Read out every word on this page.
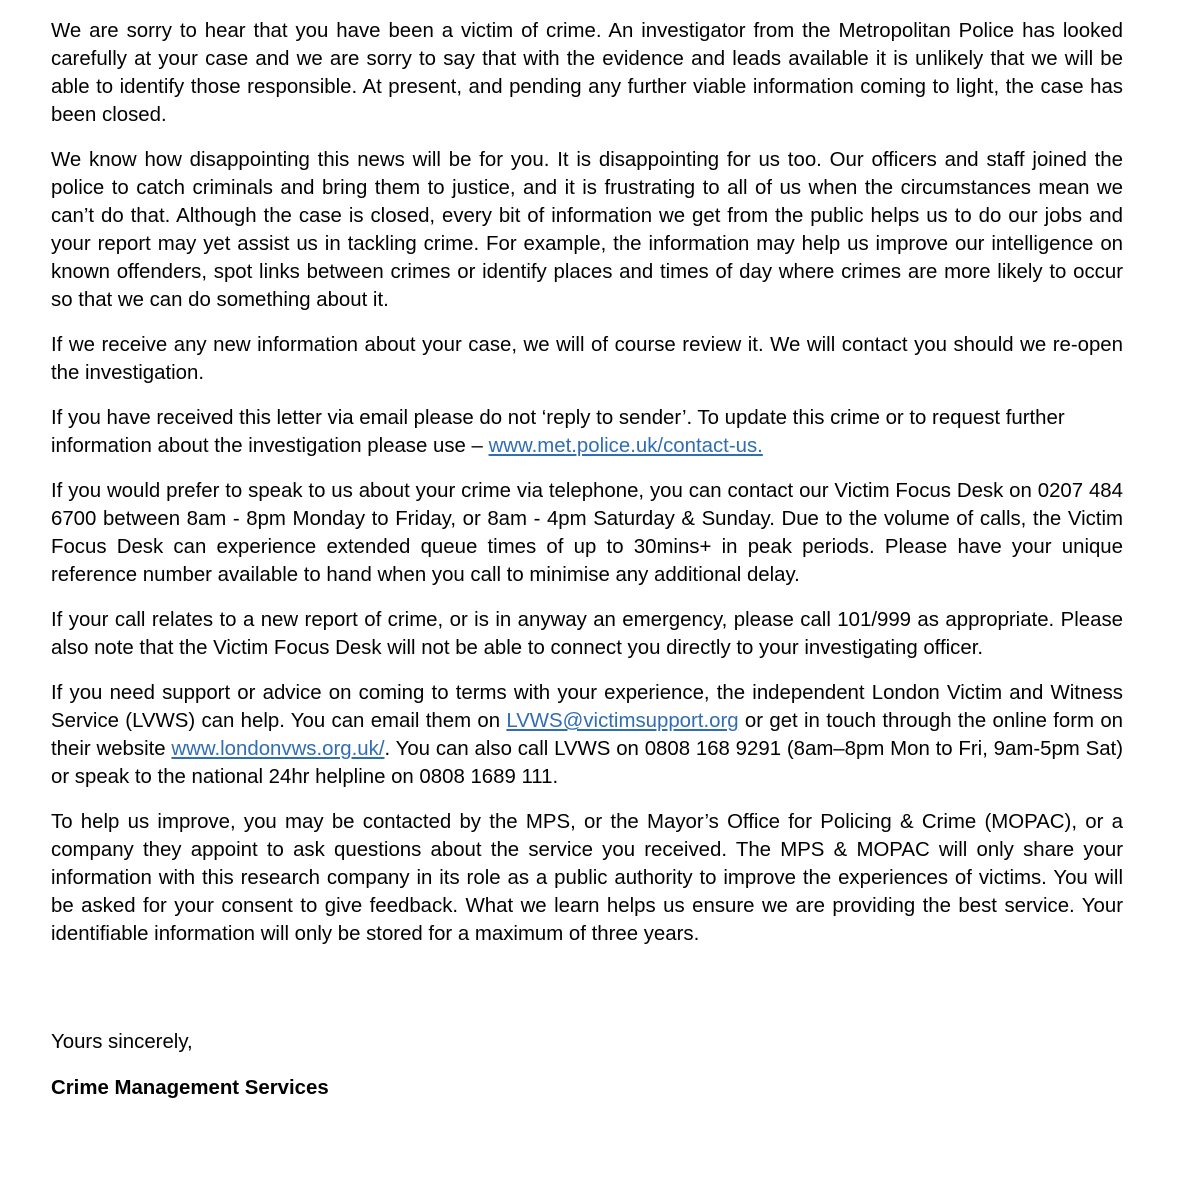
We are sorry to hear that you have been a victim of crime. An investigator from the Metropolitan Police has looked carefully at your case and we are sorry to say that with the evidence and leads available it is unlikely that we will be able to identify those responsible. At present, and pending any further viable information coming to light, the case has been closed.

We know how disappointing this news will be for you. It is disappointing for us too. Our officers and staff joined the police to catch criminals and bring them to justice, and it is frustrating to all of us when the circumstances mean we can’t do that. Although the case is closed, every bit of information we get from the public helps us to do our jobs and your report may yet assist us in tackling crime. For example, the information may help us improve our intelligence on known offenders, spot links between crimes or identify places and times of day where crimes are more likely to occur so that we can do something about it.

If we receive any new information about your case, we will of course review it. We will contact you should we re-open the investigation.

If you have received this letter via email please do not ‘reply to sender’. To update this crime or to request further information about the investigation please use – www.met.police.uk/contact-us.

If you would prefer to speak to us about your crime via telephone, you can contact our Victim Focus Desk on 0207 484 6700 between 8am - 8pm Monday to Friday, or 8am - 4pm Saturday & Sunday. Due to the volume of calls, the Victim Focus Desk can experience extended queue times of up to 30mins+ in peak periods. Please have your unique reference number available to hand when you call to minimise any additional delay.

If your call relates to a new report of crime, or is in anyway an emergency, please call 101/999 as appropriate. Please also note that the Victim Focus Desk will not be able to connect you directly to your investigating officer.

If you need support or advice on coming to terms with your experience, the independent London Victim and Witness Service (LVWS) can help. You can email them on LVWS@victimsupport.org or get in touch through the online form on their website www.londonvws.org.uk/. You can also call LVWS on 0808 168 9291 (8am–8pm Mon to Fri, 9am-5pm Sat) or speak to the national 24hr helpline on 0808 1689 111.

To help us improve, you may be contacted by the MPS, or the Mayor’s Office for Policing & Crime (MOPAC), or a company they appoint to ask questions about the service you received. The MPS & MOPAC will only share your information with this research company in its role as a public authority to improve the experiences of victims. You will be asked for your consent to give feedback. What we learn helps us ensure we are providing the best service. Your identifiable information will only be stored for a maximum of three years.

Yours sincerely,

Crime Management Services
